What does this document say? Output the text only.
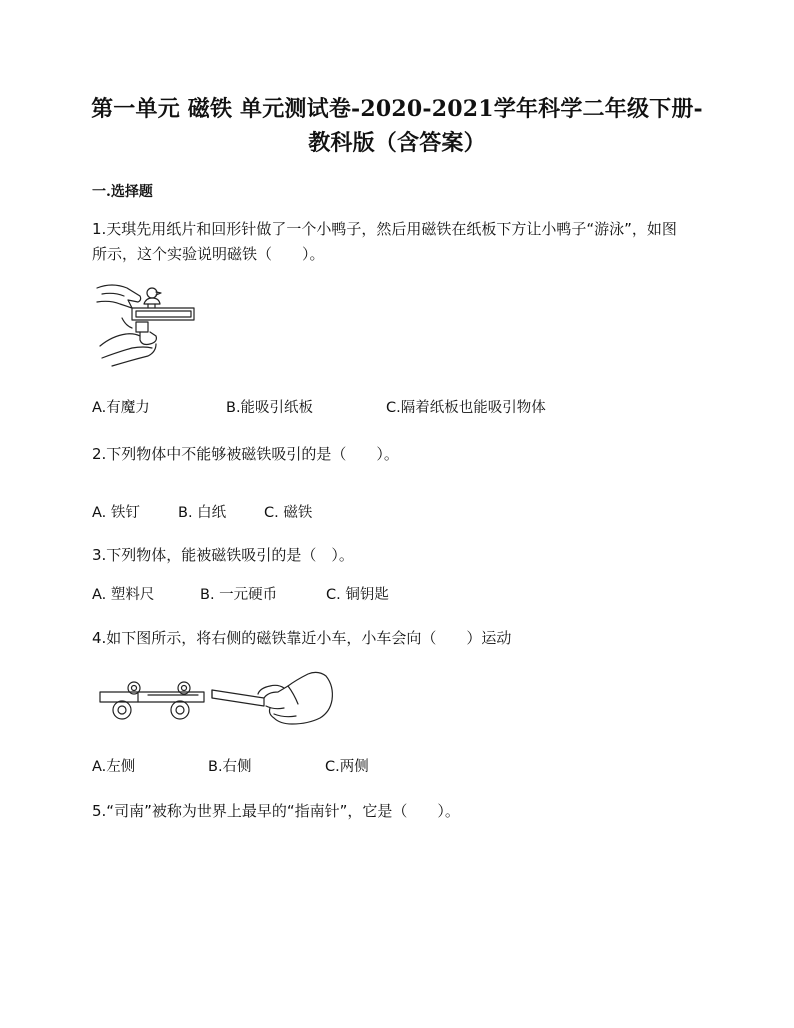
第一单元 磁铁 单元测试卷-2020-2021学年科学二年级下册-
教科版（含答案）
一.选择题
1.天琪先用纸片和回形针做了一个小鸭子，然后用磁铁在纸板下方让小鸭子“游泳”，如图
所示，这个实验说明磁铁（　　）。
A.有魔力	B.能吸引纸板	C.隔着纸板也能吸引物体
2.下列物体中不能够被磁铁吸引的是（　　）。
A. 铁钉	B. 白纸	C. 磁铁
3.下列物体，能被磁铁吸引的是（　）。
A. 塑料尺	B. 一元硬币	C. 铜钥匙
4.如下图所示，将右侧的磁铁靠近小车，小车会向（　　）运动
A.左侧	B.右侧	C.两侧
5.“司南”被称为世界上最早的“指南针”，它是（　　）。
